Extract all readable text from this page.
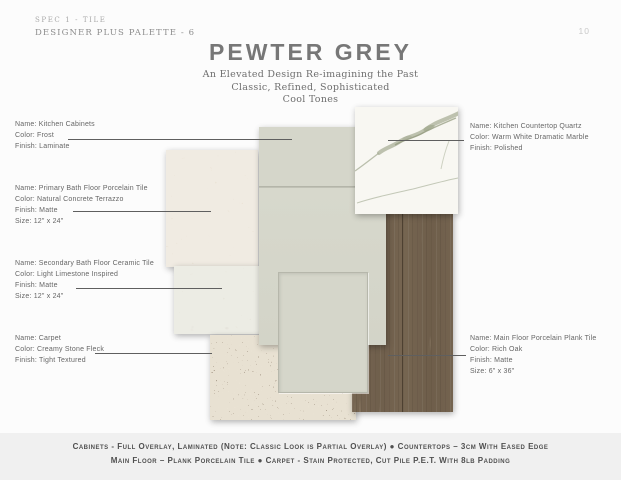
SPEC 1 - TILE
DESIGNER PLUS PALETTE - 6	10
PEWTER GREY
An Elevated Design Re-imagining the Past
Classic, Refined, Sophisticated
Cool Tones
Name: Kitchen Cabinets
Color: Frost
Finish: Laminate
Name: Primary Bath Floor Porcelain Tile
Color: Natural Concrete Terrazzo
Finish: Matte
Size: 12" x 24"
Name: Secondary Bath Floor Ceramic Tile
Color: Light Limestone Inspired
Finish: Matte
Size: 12" x 24"
Name: Carpet
Color: Creamy Stone Fleck
Finish: Tight Textured
Name: Kitchen Countertop Quartz
Color: Warm White Dramatic Marble
Finish: Polished
Name: Main Floor Porcelain Plank Tile
Color: Rich Oak
Finish: Matte
Size: 6" x 36"
Cabinets - Full Overlay, Laminated (Note: Classic Look is Partial Overlay) ● Countertops – 3cm With Eased Edge
Main Floor – Plank Porcelain Tile ● Carpet - Stain Protected, Cut Pile P.E.T. With 8lb Padding
